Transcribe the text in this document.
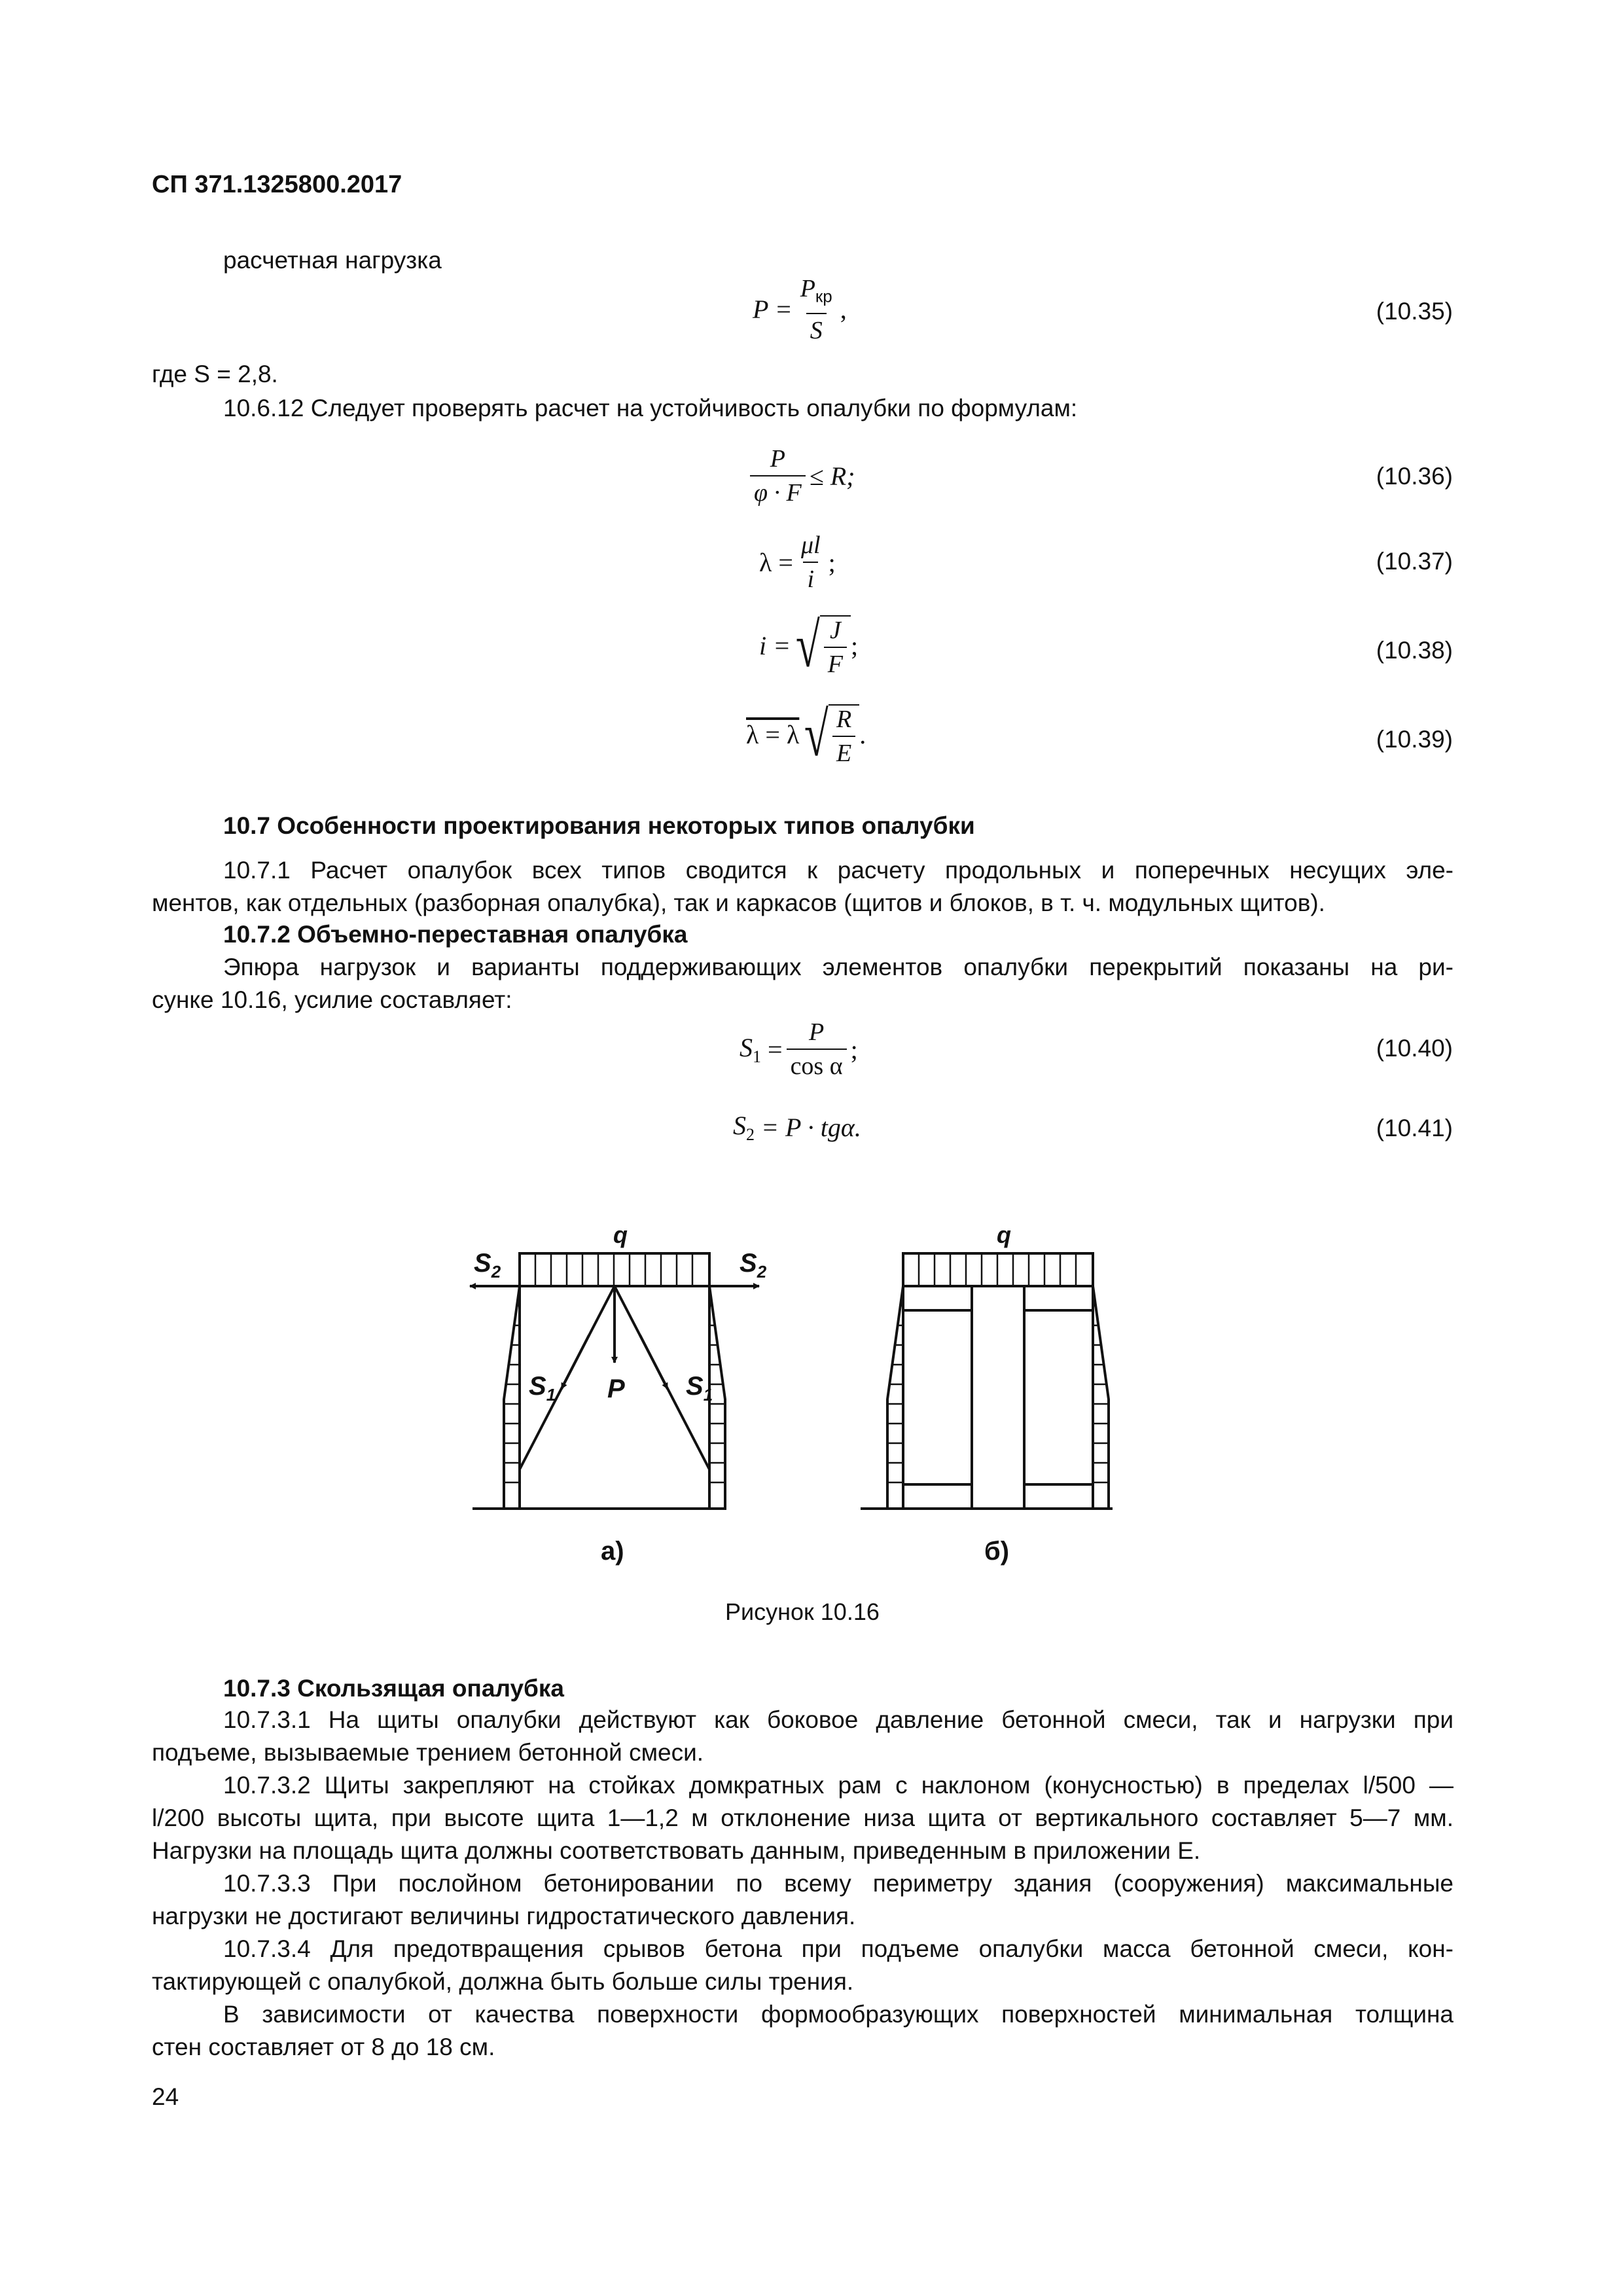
СП 371.1325800.2017
расчетная нагрузка
$P = \frac{P_{кр}}{S}$ ,	(10.35)
где S = 2,8.
10.6.12 Следует проверять расчет на устойчивость опалубки по формулам:
$\frac{P}{\varphi \cdot F} \le R$;	(10.36)
$\lambda = \frac{\mu l}{i}$ ;	(10.37)
i = √ $\frac{J}{F}$ ;	(10.38)
λ = λ √ $\frac{R}{E}$ .	(10.39)
10.7 Особенности проектирования некоторых типов опалубки
10.7.1 Расчет опалубок всех типов сводится к расчету продольных и поперечных несущих эле-
ментов, как отдельных (разборная опалубка), так и каркасов (щитов и блоков, в т. ч. модульных щитов).
10.7.2 Объемно-переставная опалубка
Эпюра нагрузок и варианты поддерживающих элементов опалубки перекрытий показаны на ри-
сунке 10.16, усилие составляет:
$S_1 = \frac{P}{\text{cos α}}$ ;	(10.40)
$S_2 = P \cdot tg\alpha$.	(10.41)
q	q
$S_2$	$S_2$
$S_1$	$S_1$
P
а)	б)
Рисунок 10.16
10.7.3 Скользящая опалубка
10.7.3.1 На щиты опалубки действуют как боковое давление бетонной смеси, так и нагрузки при
подъеме, вызываемые трением бетонной смеси.
10.7.3.2 Щиты закрепляют на стойках домкратных рам с наклоном (конусностью) в пределах l/500 —
l/200 высоты щита, при высоте щита 1—1,2 м отклонение низа щита от вертикального составляет 5—7 мм.
Нагрузки на площадь щита должны соответствовать данным, приведенным в приложении Е.
10.7.3.3 При послойном бетонировании по всему периметру здания (сооружения) максимальные
нагрузки не достигают величины гидростатического давления.
10.7.3.4 Для предотвращения срывов бетона при подъеме опалубки масса бетонной смеси, кон-
тактирующей с опалубкой, должна быть больше силы трения.
В зависимости от качества поверхности формообразующих поверхностей минимальная толщина
стен составляет от 8 до 18 см.
24
